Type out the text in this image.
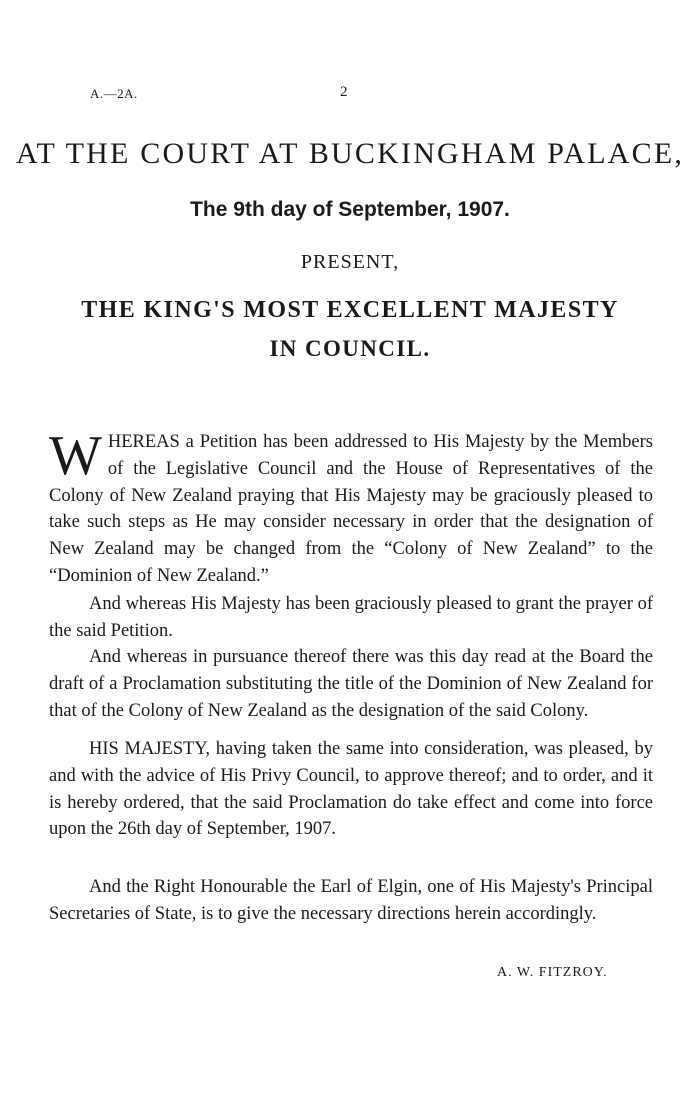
A.—2A.	2
AT THE COURT AT BUCKINGHAM PALACE,
The 9th day of September, 1907.
PRESENT,
THE KING'S MOST EXCELLENT MAJESTY
IN COUNCIL.

WHEREAS a Petition has been addressed to His Majesty by the Members of the Legislative Council and the House of Representatives of the Colony of New Zealand praying that His Majesty may be graciously pleased to take such steps as He may consider necessary in order that the designation of New Zealand may be changed from the “Colony of New Zealand” to the “Dominion of New Zealand.”

And whereas His Majesty has been graciously pleased to grant the prayer of the said Petition.

And whereas in pursuance thereof there was this day read at the Board the draft of a Proclamation substituting the title of the Dominion of New Zealand for that of the Colony of New Zealand as the designation of the said Colony.

HIS MAJESTY, having taken the same into consideration, was pleased, by and with the advice of His Privy Council, to approve thereof; and to order, and it is hereby ordered, that the said Proclamation do take effect and come into force upon the 26th day of September, 1907.

And the Right Honourable the Earl of Elgin, one of His Majesty's Principal Secretaries of State, is to give the necessary directions herein accordingly.

A. W. FITZROY.
